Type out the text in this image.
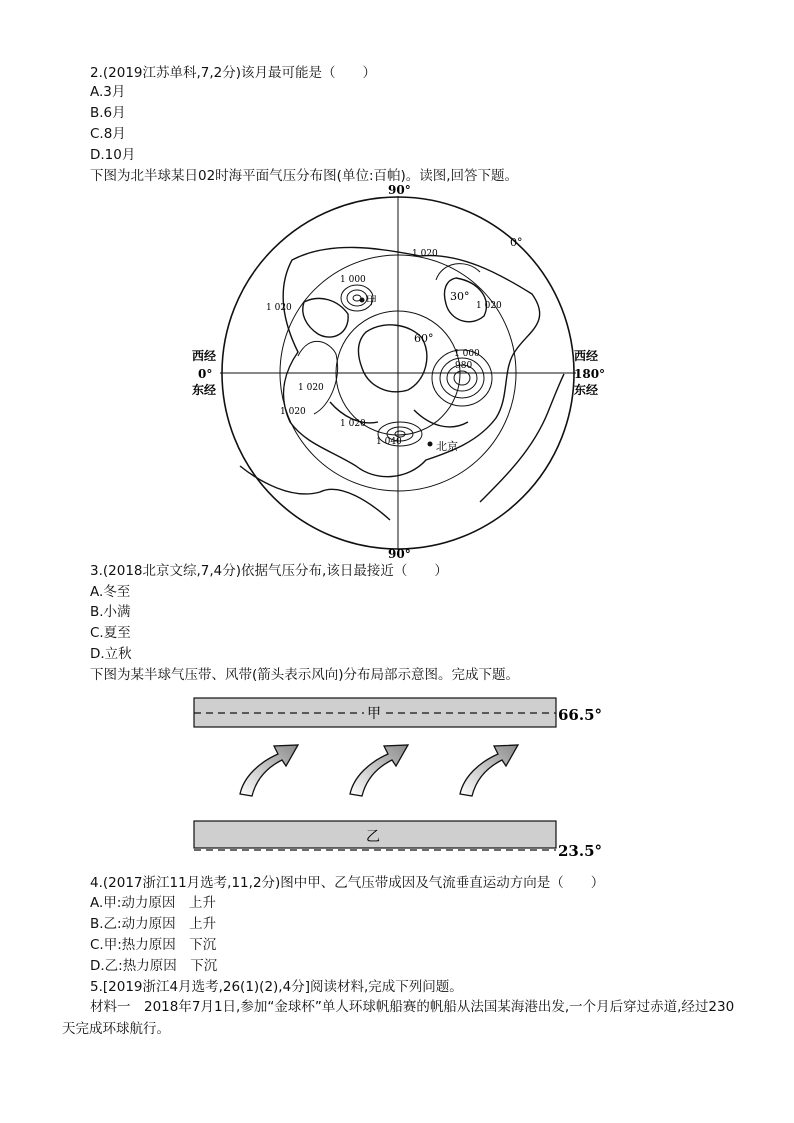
2.(2019江苏单科,7,2分)该月最可能是（　　）
A.3月
B.6月
C.8月
D.10月
下图为北半球某日02时海平面气压分布图(单位:百帕)。读图,回答下题。
90°
90°
西经
0°
东经
西经
180°
东经
0°
30°
60°
1 000
1 020
1 020
1 020
1 020
1 000
980
1 020
1 020
1 040
甲
北京
3.(2018北京文综,7,4分)依据气压分布,该日最接近（　　）
A.冬至
B.小满
C.夏至
D.立秋
下图为某半球气压带、风带(箭头表示风向)分布局部示意图。完成下题。
甲	66.5°
乙
23.5°
4.(2017浙江11月选考,11,2分)图中甲、乙气压带成因及气流垂直运动方向是（　　）
A.甲:动力原因　上升
B.乙:动力原因　上升
C.甲:热力原因　下沉
D.乙:热力原因　下沉
5.[2019浙江4月选考,26(1)(2),4分]阅读材料,完成下列问题。
材料一　2018年7月1日,参加“金球杯”单人环球帆船赛的帆船从法国某海港出发,一个月后穿过赤道,经过230天完成环球航行。
